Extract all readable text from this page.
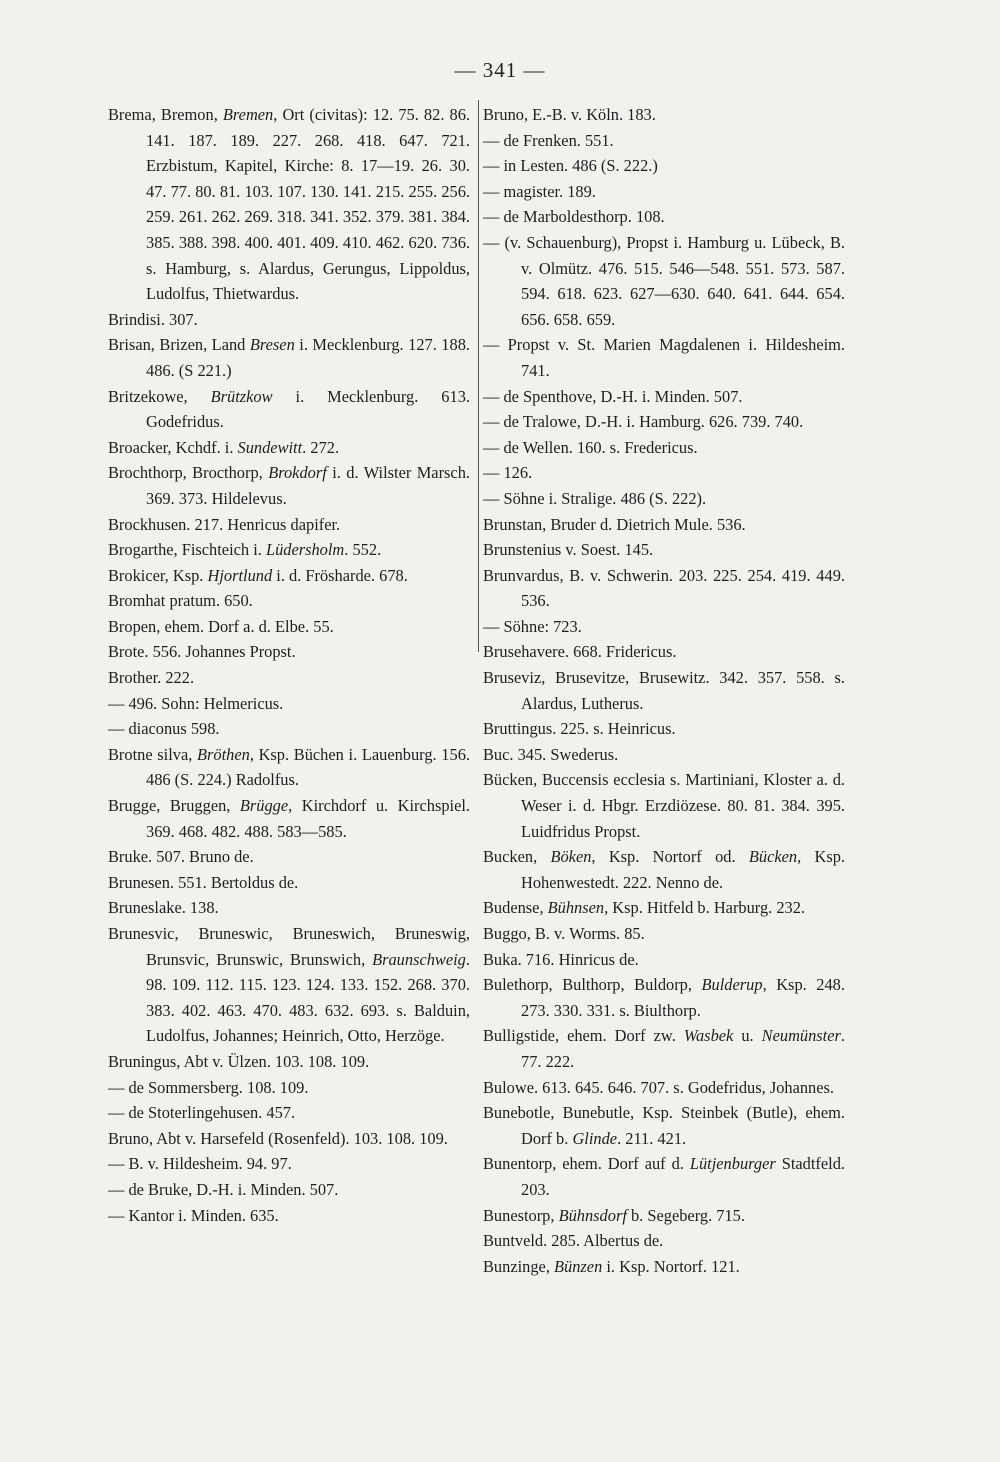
— 341 —

Brema, Bremon, Bremen, Ort (civitas): 12. 75. 82. 86. 141. 187. 189. 227. 268. 418. 647. 721. Erzbistum, Kapitel, Kirche: 8. 17—19. 26. 30. 47. 77. 80. 81. 103. 107. 130. 141. 215. 255. 256. 259. 261. 262. 269. 318. 341. 352. 379. 381. 384. 385. 388. 398. 400. 401. 409. 410. 462. 620. 736. s. Hamburg, s. Alardus, Gerungus, Lippoldus, Ludolfus, Thietwardus.

Brindisi. 307.

Brisan, Brizen, Land Bresen i. Mecklenburg. 127. 188. 486. (S 221.)

Britzekowe, Brützkow i. Mecklenburg. 613. Godefridus.

Broacker, Kchdf. i. Sundewitt. 272.

Brochthorp, Brocthorp, Brokdorf i. d. Wilster Marsch. 369. 373. Hildelevus.

Brockhusen. 217. Henricus dapifer.

Brogarthe, Fischteich i. Lüdersholm. 552.

Brokicer, Ksp. Hjortlund i. d. Frösharde. 678.

Bromhat pratum. 650.

Bropen, ehem. Dorf a. d. Elbe. 55.

Brote. 556. Johannes Propst.

Brother. 222.

— 496. Sohn: Helmericus.

— diaconus 598.

Brotne silva, Bröthen, Ksp. Büchen i. Lauenburg. 156. 486 (S. 224.) Radolfus.

Brugge, Bruggen, Brügge, Kirchdorf u. Kirchspiel. 369. 468. 482. 488. 583—585.

Bruke. 507. Bruno de.

Brunesen. 551. Bertoldus de.

Bruneslake. 138.

Brunesvic, Bruneswic, Bruneswich, Bruneswig, Brunsvic, Brunswic, Brunswich, Braunschweig. 98. 109. 112. 115. 123. 124. 133. 152. 268. 370. 383. 402. 463. 470. 483. 632. 693. s. Balduin, Ludolfus, Johannes; Heinrich, Otto, Herzöge.

Bruningus, Abt v. Ülzen. 103. 108. 109.

— de Sommersberg. 108. 109.

— de Stoterlingehusen. 457.

Bruno, Abt v. Harsefeld (Rosenfeld). 103. 108. 109.

— B. v. Hildesheim. 94. 97.

— de Bruke, D.-H. i. Minden. 507.

— Kantor i. Minden. 635.

Bruno, E.-B. v. Köln. 183.

— de Frenken. 551.

— in Lesten. 486 (S. 222.)

— magister. 189.

— de Marboldesthorp. 108.

— (v. Schauenburg), Propst i. Hamburg u. Lübeck, B. v. Olmütz. 476. 515. 546—548. 551. 573. 587. 594. 618. 623. 627—630. 640. 641. 644. 654. 656. 658. 659.

— Propst v. St. Marien Magdalenen i. Hildesheim. 741.

— de Spenthove, D.-H. i. Minden. 507.

— de Tralowe, D.-H. i. Hamburg. 626. 739. 740.

— de Wellen. 160. s. Fredericus.

— 126.

— Söhne i. Stralige. 486 (S. 222).

Brunstan, Bruder d. Dietrich Mule. 536.

Brunstenius v. Soest. 145.

Brunvardus, B. v. Schwerin. 203. 225. 254. 419. 449. 536.

— Söhne: 723.

Brusehavere. 668. Fridericus.

Bruseviz, Brusevitze, Brusewitz. 342. 357. 558. s. Alardus, Lutherus.

Bruttingus. 225. s. Heinricus.

Buc. 345. Swederus.

Bücken, Buccensis ecclesia s. Martiniani, Kloster a. d. Weser i. d. Hbgr. Erzdiözese. 80. 81. 384. 395. Luidfridus Propst.

Bucken, Böken, Ksp. Nortorf od. Bücken, Ksp. Hohenwestedt. 222. Nenno de.

Budense, Bühnsen, Ksp. Hitfeld b. Harburg. 232.

Buggo, B. v. Worms. 85.

Buka. 716. Hinricus de.

Bulethorp, Bulthorp, Buldorp, Bulderup, Ksp. 248. 273. 330. 331. s. Biulthorp.

Bulligstide, ehem. Dorf zw. Wasbek u. Neumünster. 77. 222.

Bulowe. 613. 645. 646. 707. s. Godefridus, Johannes.

Bunebotle, Bunebutle, Ksp. Steinbek (Butle), ehem. Dorf b. Glinde. 211. 421.

Bunentorp, ehem. Dorf auf d. Lütjenburger Stadtfeld. 203.

Bunestorp, Bühnsdorf b. Segeberg. 715.

Buntveld. 285. Albertus de.

Bunzinge, Bünzen i. Ksp. Nortorf. 121.
